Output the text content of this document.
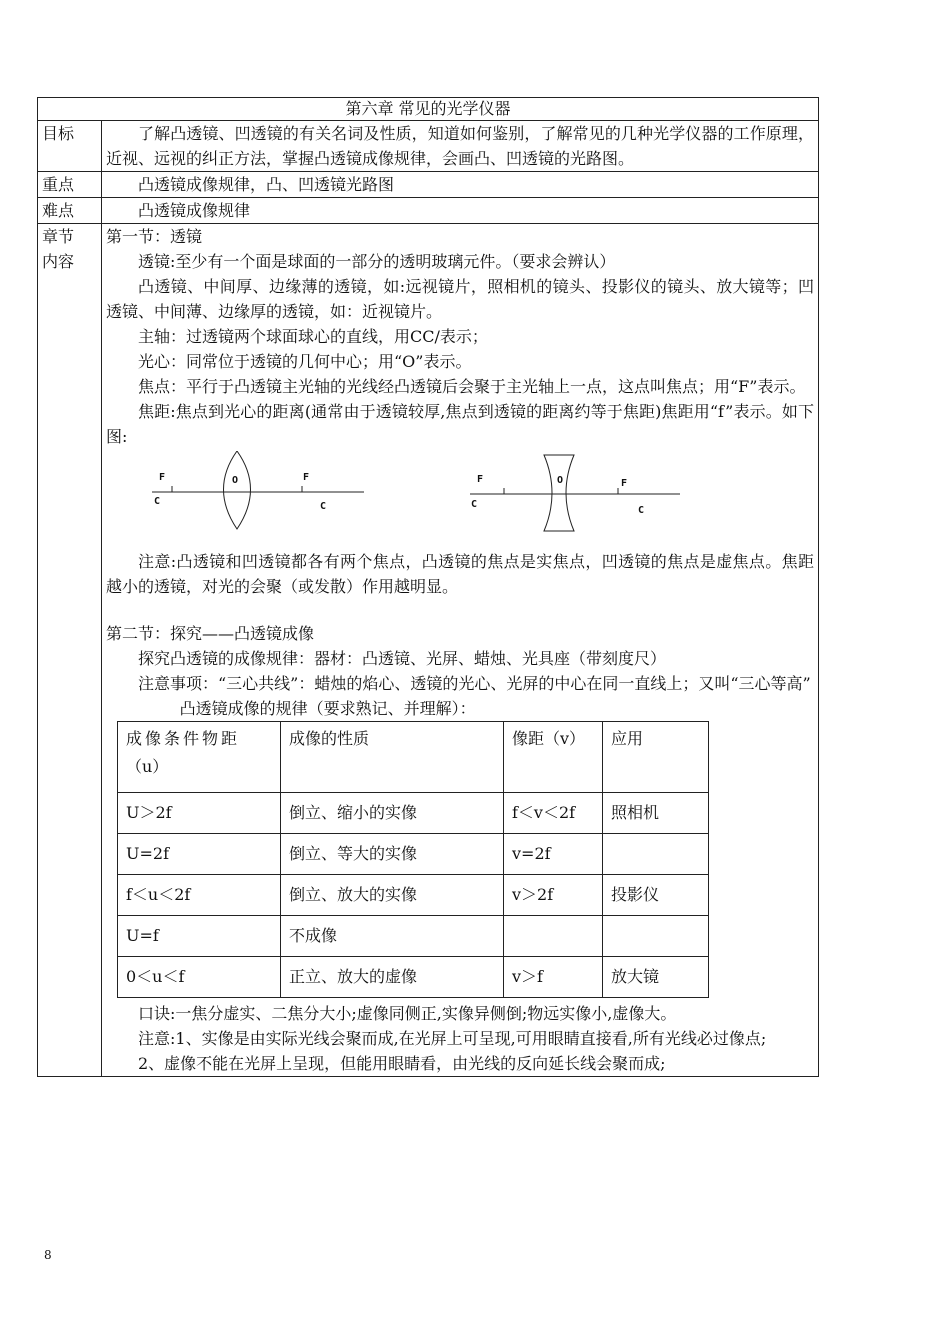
第六章 常见的光学仪器
目标	了解凸透镜、凹透镜的有关名词及性质，知道如何鉴别，了解常见的几种光学仪器的工作原理，近视、远视的纠正方法，掌握凸透镜成像规律，会画凸、凹透镜的光路图。

重点	凸透镜成像规律，凸、凹透镜光路图

难点	凸透镜成像规律

章节
内容

第一节：透镜

透镜:至少有一个面是球面的一部分的透明玻璃元件。（要求会辨认）

凸透镜、中间厚、边缘薄的透镜，如:远视镜片，照相机的镜头、投影仪的镜头、放大镜等；凹透镜、中间薄、边缘厚的透镜，如：近视镜片。

主轴：过透镜两个球面球心的直线，用CC/表示；

光心：同常位于透镜的几何中心；用“O”表示。

焦点：平行于凸透镜主光轴的光线经凸透镜后会聚于主光轴上一点，这点叫焦点；用“F”表示。

焦距:焦点到光心的距离(通常由于透镜较厚,焦点到透镜的距离约等于焦距)焦距用“f”表示。如下图:

F	F
C	C
O	F	F
C
C
O

注意:凸透镜和凹透镜都各有两个焦点，凸透镜的焦点是实焦点，凹透镜的焦点是虚焦点。焦距越小的透镜，对光的会聚（或发散）作用越明显。

第二节：探究——凸透镜成像

探究凸透镜的成像规律：器材：凸透镜、光屏、蜡烛、光具座（带刻度尺）

注意事项：“三心共线”：蜡烛的焰心、透镜的光心、光屏的中心在同一直线上；又叫“三心等高”

凸透镜成像的规律（要求熟记、并理解）：

成像条件物距
（u）
	成像的性质	像距（v）	应用
U＞2f	倒立、缩小的实像	f＜v＜2f	照相机
U=2f	倒立、等大的实像	v=2f	
f＜u＜2f	倒立、放大的实像	v＞2f	投影仪
U=f	不成像		
0＜u＜f	正立、放大的虚像	v＞f	放大镜

口诀:一焦分虚实、二焦分大小;虚像同侧正,实像异侧倒;物远实像小,虚像大。

注意:1、实像是由实际光线会聚而成,在光屏上可呈现,可用眼睛直接看,所有光线必过像点;

2、虚像不能在光屏上呈现，但能用眼睛看，由光线的反向延长线会聚而成;

8
